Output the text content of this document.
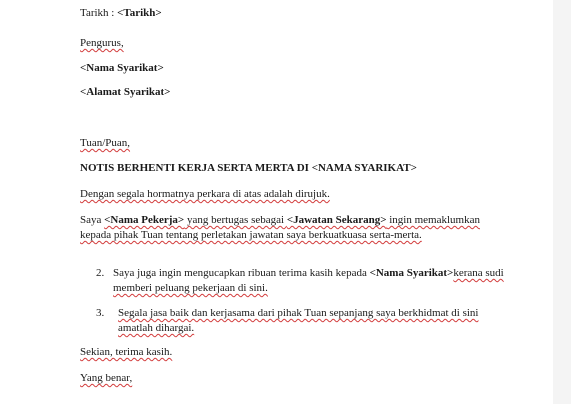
Tarikh : <Tarikh>
Pengurus,
<Nama Syarikat>
<Alamat Syarikat>
Tuan/Puan,
NOTIS BERHENTI KERJA SERTA MERTA DI <NAMA SYARIKAT>
Dengan segala hormatnya perkara di atas adalah dirujuk.
Saya <Nama Pekerja> yang bertugas sebagai <Jawatan Sekarang> ingin memaklumkan kepada pihak Tuan tentang perletakan jawatan saya berkuatkuasa serta-merta.
2. Saya juga ingin mengucapkan ribuan terima kasih kepada <Nama Syarikat>kerana sudi memberi peluang pekerjaan di sini.
3. Segala jasa baik dan kerjasama dari pihak Tuan sepanjang saya berkhidmat di sini amatlah dihargai.
Sekian, terima kasih.
Yang benar,
